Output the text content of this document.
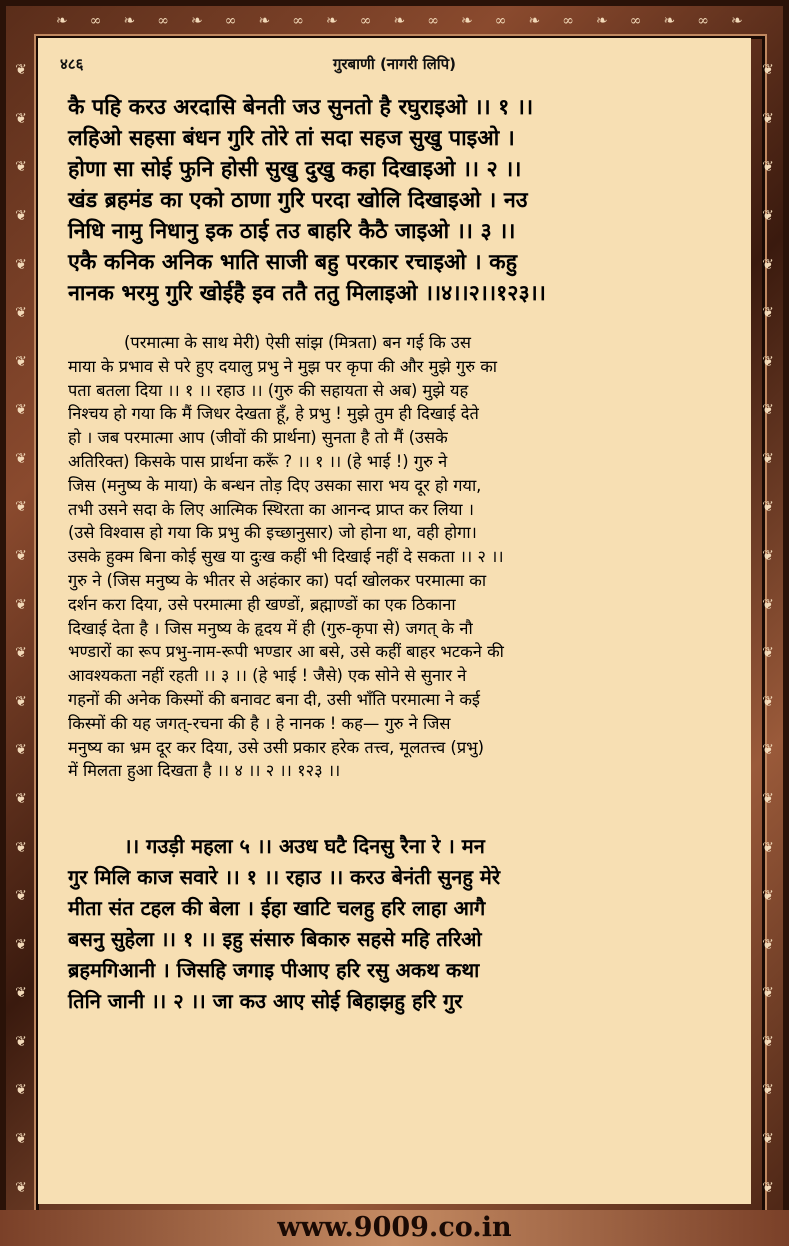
❧ ∞ ❧ ∞ ❧ ∞ ❧ ∞ ❧ ∞ ❧ ∞ ❧ ∞ ❧ ∞ ❧ ∞ ❧ ∞ ❧
❦
❦
❦
❦
❦
❦
❦
❦
❦
❦
❦
❦
❦
❦
❦
❦
❦
❦
❦
❦
❦
❦
❦
❦
❦
❦
❦
❦
❦
❦
❦
❦
❦
❦
❦
❦
❦
❦
❦
❦
❦
❦
❦
❦
❦
❦
❦
❦
४८६	गुरबाणी (नागरी लिपि)
कै पहि करउ अरदासि बेनती जउ सुनतो है रघुराइओ ।। १ ।।
लहिओ सहसा बंधन गुरि तोरे तां सदा सहज सुखु पाइओ ।
होणा सा सोई फुनि होसी सुखु दुखु कहा दिखाइओ ।। २ ।।
खंड ब्रहमंड का एको ठाणा गुरि परदा खोलि दिखाइओ । नउ
निधि नामु निधानु इक ठाई तउ बाहरि कैठै जाइओ ।। ३ ।।
एकै कनिक अनिक भाति साजी बहु परकार रचाइओ । कहु
नानक भरमु गुरि खोईहै इव ततै ततु मिलाइओ ।।४।।२।।१२३।।
(परमात्मा के साथ मेरी) ऐसी सांझ (मित्रता) बन गई कि उस
माया के प्रभाव से परे हुए दयालु प्रभु ने मुझ पर कृपा की और मुझे गुरु का
पता बतला दिया ।। १ ।। रहाउ ।। (गुरु की सहायता से अब) मुझे यह
निश्चय हो गया कि मैं जिधर देखता हूँ, हे प्रभु ! मुझे तुम ही दिखाई देते
हो । जब परमात्मा आप (जीवों की प्रार्थना) सुनता है तो मैं (उसके
अतिरिक्त) किसके पास प्रार्थना करूँ ? ।। १ ।। (हे भाई !) गुरु ने
जिस (मनुष्य के माया) के बन्धन तोड़ दिए उसका सारा भय दूर हो गया,
तभी उसने सदा के लिए आत्मिक स्थिरता का आनन्द प्राप्त कर लिया ।
(उसे विश्वास हो गया कि प्रभु की इच्छानुसार) जो होना था, वही होगा।
उसके हुक्म बिना कोई सुख या दुःख कहीं भी दिखाई नहीं दे सकता ।। २ ।।
गुरु ने (जिस मनुष्य के भीतर से अहंकार का) पर्दा खोलकर परमात्मा का
दर्शन करा दिया, उसे परमात्मा ही खण्डों, ब्रह्माण्डों का एक ठिकाना
दिखाई देता है । जिस मनुष्य के हृदय में ही (गुरु-कृपा से) जगत् के नौ
भण्डारों का रूप प्रभु-नाम-रूपी भण्डार आ बसे, उसे कहीं बाहर भटकने की
आवश्यकता नहीं रहती ।। ३ ।। (हे भाई ! जैसे) एक सोने से सुनार ने
गहनों की अनेक किस्मों की बनावट बना दी, उसी भाँति परमात्मा ने कई
किस्मों की यह जगत्-रचना की है । हे नानक ! कह— गुरु ने जिस
मनुष्य का भ्रम दूर कर दिया, उसे उसी प्रकार हरेक तत्त्व, मूलतत्त्व (प्रभु)
में मिलता हुआ दिखता है ।। ४ ।। २ ।। १२३ ।।
।। गउड़ी महला ५ ।। अउध घटै दिनसु रैना रे । मन
गुर मिलि काज सवारे ।। १ ।। रहाउ ।। करउ बेनंती सुनहु मेरे
मीता संत टहल की बेला । ईहा खाटि चलहु हरि लाहा आगै
बसनु सुहेला ।। १ ।। इहु संसारु बिकारु सहसे महि तरिओ
ब्रहमगिआनी । जिसहि जगाइ पीआए हरि रसु अकथ कथा
तिनि जानी ।। २ ।। जा कउ आए सोई बिहाझहु हरि गुर
www.9009.co.in
